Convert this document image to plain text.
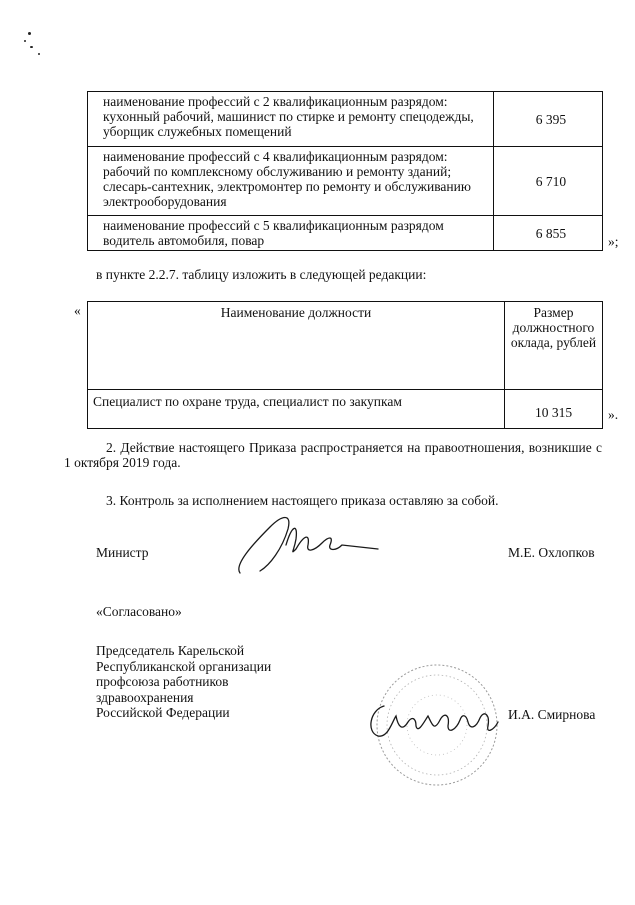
наименование профессий с 2 квалификационным разрядом: кухонный рабочий, машинист по стирке и ремонту спецодежды, уборщик служебных помещений	6 395
наименование профессий с 4 квалификационным разрядом: рабочий по комплексному обслуживанию и ремонту зданий; слесарь-сантехник, электромонтер по ремонту и обслуживанию электрооборудования	6 710
наименование профессий с 5 квалификационным разрядом водитель автомобиля, повар	6 855
»;
в пункте 2.2.7. таблицу изложить в следующей редакции:
«	Наименование должности	Размер должностного оклада, рублей
Специалист по охране труда, специалист по закупкам	10 315	».
2. Действие настоящего Приказа распространяется на правоотношения, возникшие с 1 октября 2019 года.
3. Контроль за исполнением настоящего приказа оставляю за собой.
Министр	М.Е. Охлопков
«Согласовано»
Председатель Карельской
Республиканской организации
профсоюза работников
здравоохранения
Российской Федерации	И.А. Смирнова
